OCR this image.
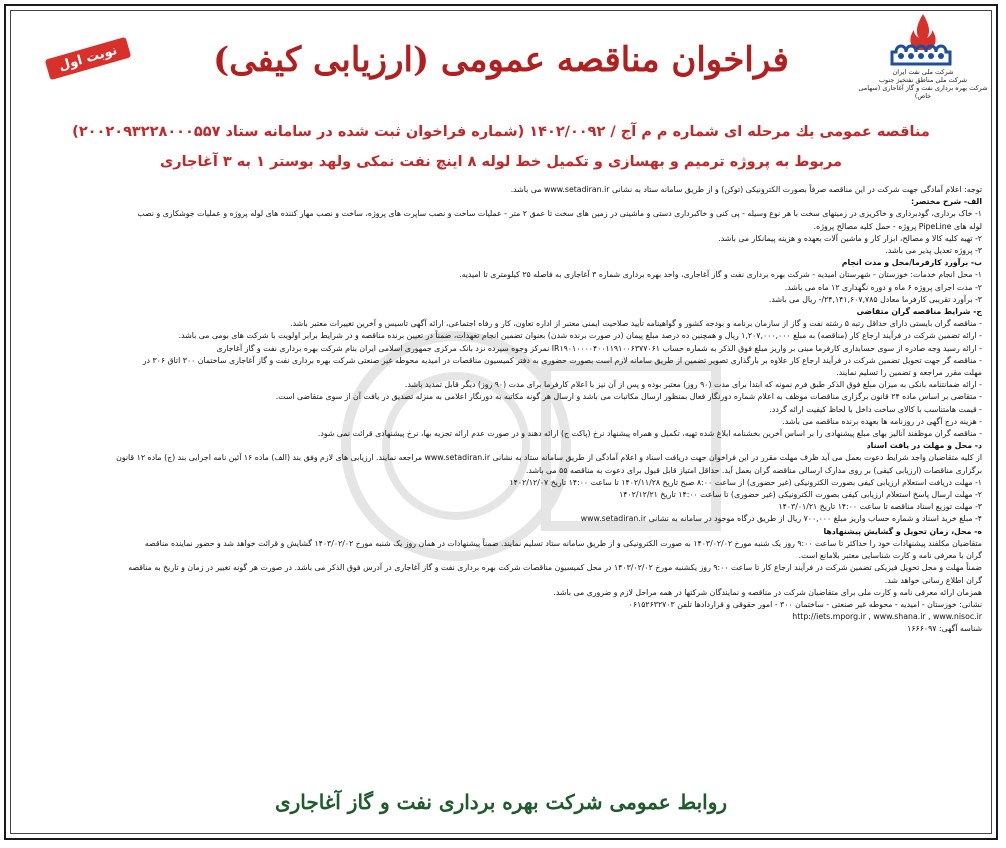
شرکت ملی نفت ایران
شرکت ملی مناطق نفتخیز جنوب
شرکت بهره برداری نفت و گاز آغاجاری (سهامی خاص)
نوبت اول	فراخوان مناقصه عمومی (ارزیابی کیفی)
مناقصه عمومی يك مرحله ای شماره م م آج / ۱۴۰۲/۰۰۹۲ (شماره فراخوان ثبت شده در سامانه ستاد ۲۰۰۲۰۹۳۲۲۸۰۰۰۵۵۷)
مربوط به پروژه ترمیم و بهسازی و تکمیل خط لوله ۸ اینچ نفت نمکی ولهد بوستر ۱ به ۳ آغاجاری
توجه: اعلام آمادگی جهت شرکت در این مناقصه صرفاً بصورت الکترونیکی (توکن) و از طریق سامانه ستاد به نشانی www.setadiran.ir می باشد.
الف- شرح مختصر:
۱- خاک برداری، گودبرداری و خاکریزی در زمینهای سخت با هر نوع وسیله - پی کنی و خاکبرداری دستی و ماشینی در زمین های سخت تا عمق ۲ متر - عملیات ساخت و نصب ساپرت های پروژه، ساخت و نصب مهار کننده های لوله پروژه و عملیات جوشکاری و نصب
لوله های PipeLine پروژه - حمل کلیه مصالح پروژه.
۲- تهیه کلیه کالا و مصالح، ابزار کار و ماشین آلات بعهده و هزینه پیمانکار می باشد.
۳- پروژه تعدیل پذیر می باشد.
ب- برآورد کارفرما/محل و مدت انجام
۱- محل انجام خدمات: خوزستان - شهرستان امیدیه - شرکت بهره برداری نفت و گاز آغاجاری، واحد بهره برداری شماره ۳ آغاجاری به فاصله ۲۵ کیلومتری تا امیدیه.
۲- مدت اجرای پروژه ۶ ماه و دوره نگهداری ۱۲ ماه می باشد.
۳- برآورد تقریبی کارفرما معادل ۲۴,۱۴۱,۶۰۷,۷۸۵/- ریال می باشد.
ج- شرایط مناقصه گران متقاضی
- مناقصه گران بایستی دارای حداقل رتبه ۵ رشته نفت و گاز از سازمان برنامه و بودجه کشور و گواهینامه تأیید صلاحیت ایمنی معتبر از اداره تعاون، کار و رفاه اجتماعی، ارائه آگهی تاسیس و آخرین تغییرات معتبر باشد.
- ارائه تضمین شرکت در فرآیند ارجاع کار (مناقصه) به مبلغ ۱,۲۰۷,۰۰۰,۰۰۰ ریال و همچنین ده درصد مبلغ پیمان (در صورت برنده شدن) بعنوان تضمین انجام تعهدات، ضمناً در تعیین برنده مناقصه و در شرایط برابر اولویت با شرکت های بومی می باشد.
- ارائه رسید وجه صادره از سوی حسابداری کارفرما مبنی بر واریز مبلغ فوق الذکر به شماره حساب IR۱۹۰۱۰۰۰۰۴۰۰۱۱۹۱۰۰۶۳۷۷۰۶۱ نمرکز وجوه سپرده نزد بانک مرکزی جمهوری اسلامی ایران بنام شرکت بهره برداری نفت و گاز آغاجاری
- مناقصه گر جهت تحویل تضمین شرکت در فرآیند ارجاع کار علاوه بر بارگذاری تصویر تضمین از طریق سامانه لازم است بصورت حضوری به دفتر کمیسیون مناقصات در امیدیه محوطه غیر صنعتی شرکت بهره برداری نفت و گاز آغاجاری ساختمان ۳۰۰ اتاق ۳۰۶ در
مهلت مقرر مراجعه و تضمین را تسلیم نمایند.
- ارائه ضمانتنامه بانکی به میزان مبلغ فوق الذکر طبق فرم نمونه که ابتدا برای مدت (۹۰ روز) معتبر بوده و پس از آن نیز با اعلام کارفرما برای مدت (۹۰ روز) دیگر قابل تمدید باشد.
- متقاضی بر اساس ماده ۲۴ قانون برگزاری مناقصات موظف به اعلام شماره دورنگار فعال بمنظور ارسال مکاتبات می باشد و ارسال هر گونه مکاتبه به دورنگار اعلامی به منزله تصدیق در یافت آن از سوی متقاضی است.
- قیمت هامتناسب با کالای ساخت داخل با لحاظ کیفیت ارائه گردد.
- هزینه درج آگهی در روزنامه ها بعهده برنده مناقصه می باشد.
- مناقصه گران موظفند آنالیز بهای مبلغ پیشنهادی را بر اساس آخرین بخشنامه ابلاغ شده تهیه، تکمیل و همراه پیشنهاد نرخ (پاکت ج) ارائه دهند و در صورت عدم ارائه تجزیه بها، نرخ پیشنهادی قرائت نمی شود.
د- محل و مهلت در یافت اسناد
از کلیه متقاضیان واجد شرایط دعوت بعمل می آید ظرف مهلت مقرر در این فراخوان جهت دریافت اسناد و اعلام آمادگی از طریق سامانه ستاد به نشانی www.setadiran.ir مراجعه نمایند. ارزیابی های لازم وفق بند (الف) ماده ۱۶ آئین نامه اجرایی بند (ج) ماده ۱۲ قانون
برگزاری مناقصات (ارزیابی کیفی) بر روی مدارک ارسالی مناقصه گران بعمل آید. حداقل امتیاز قابل قبول برای دعوت به مناقصه ۵۵ می باشد.
۱- مهلت دریافت استعلام ارزیابی کیفی بصورت الکترونیکی (غیر حضوری) از ساعت ۸:۰۰ صبح تاریخ ۱۴۰۲/۱۱/۲۸ تا ساعت ۱۴:۰۰ تاریخ ۱۴۰۲/۱۲/۰۷
۲- مهلت ارسال پاسخ استعلام ارزیابی کیفی بصورت الکترونیکی (غیر حضوری) تا ساعت ۱۴:۰۰ تاریخ ۱۴۰۲/۱۲/۲۱
۳- مهلت توزیع اسناد مناقصه تا ساعت ۱۴:۰۰ تاریخ ۱۴۰۳/۰۱/۲۱
۴- مبلغ خرید اسناد و شماره حساب واریز مبلغ ۷۰۰,۰۰۰ ریال از طریق درگاه موجود در سامانه به نشانی www.setadiran.ir
ه- محل، زمان تحویل و گشایش پیشنهادها
متقاضیان مکلفند پیشنهادات خود را حداکثر تا ساعت ۹:۰۰ روز یک شنبه مورخ ۱۴۰۳/۰۲/۰۲ به صورت الکترونیکی و از طریق سامانه ستاد تسلیم نمایند. ضمناً پیشنهادات در همان روز یک شنبه مورخ ۱۴۰۳/۰۲/۰۲ گشایش و قرائت خواهد شد و حضور نماینده مناقصه
گران با معرفی نامه و کارت شناسایی معتبر بلامانع است.
ضمناً مهلت و محل تحویل فیزیکی تضمین شرکت در فرآیند ارجاع کار تا ساعت ۹:۰۰ روز یکشنبه مورخ ۱۴۰۳/۰۲/۰۲ در محل کمیسیون مناقصات شرکت بهره برداری نفت و گاز آغاجاری در آدرس فوق الذکر می باشد. در صورت هر گونه تغییر در زمان و تاریخ به مناقصه
گران اطلاع رسانی خواهد شد.
همزمان ارائه معرفی نامه و کارت ملی برای متقاضیان شرکت در مناقصه و نمایندگان شرکتها در همه مراحل لازم و ضروری می باشد.
نشانی: خوزستان - امیدیه - محوطه غیر صنعتی - ساختمان ۳۰۰ - امور حقوقی و قراردادها تلفن ۰۶۱۵۲۶۳۲۷۰۳
http://iets.mporg.ir , www.shana.ir , www.nisoc.ir
شناسه آگهی: ۱۶۶۶۰۹۷
روابط عمومی شرکت بهره برداری نفت و گاز آغاجاری
